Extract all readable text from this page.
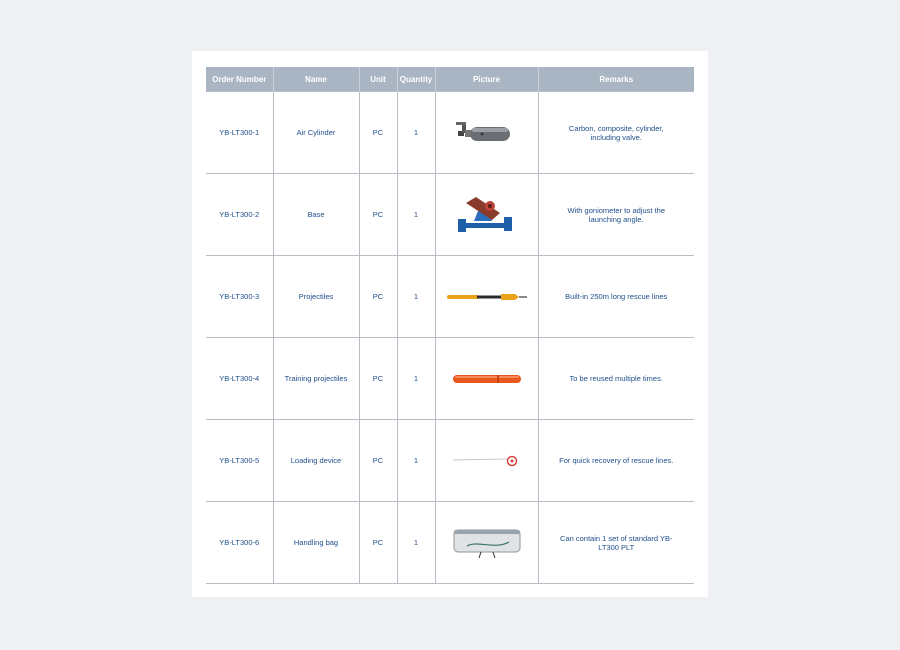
Order Number	Name	Unit	Quantity	Picture	Remarks
YB-LT300-1	Air Cylinder	PC	1		Carbon, composite, cylinder, including valve.
YB-LT300-2	Base	PC	1		With goniometer to adjust the launching angle.
YB-LT300-3	Projectiles	PC	1		Built-in 250m long rescue lines
YB-LT300-4	Training projectiles	PC	1		To be reused multiple times.
YB-LT300-5	Loading device	PC	1		For quick recovery of rescue lines.
YB-LT300-6	Handling bag	PC	1		Can contain 1 set of standard YB-LT300 PLT
